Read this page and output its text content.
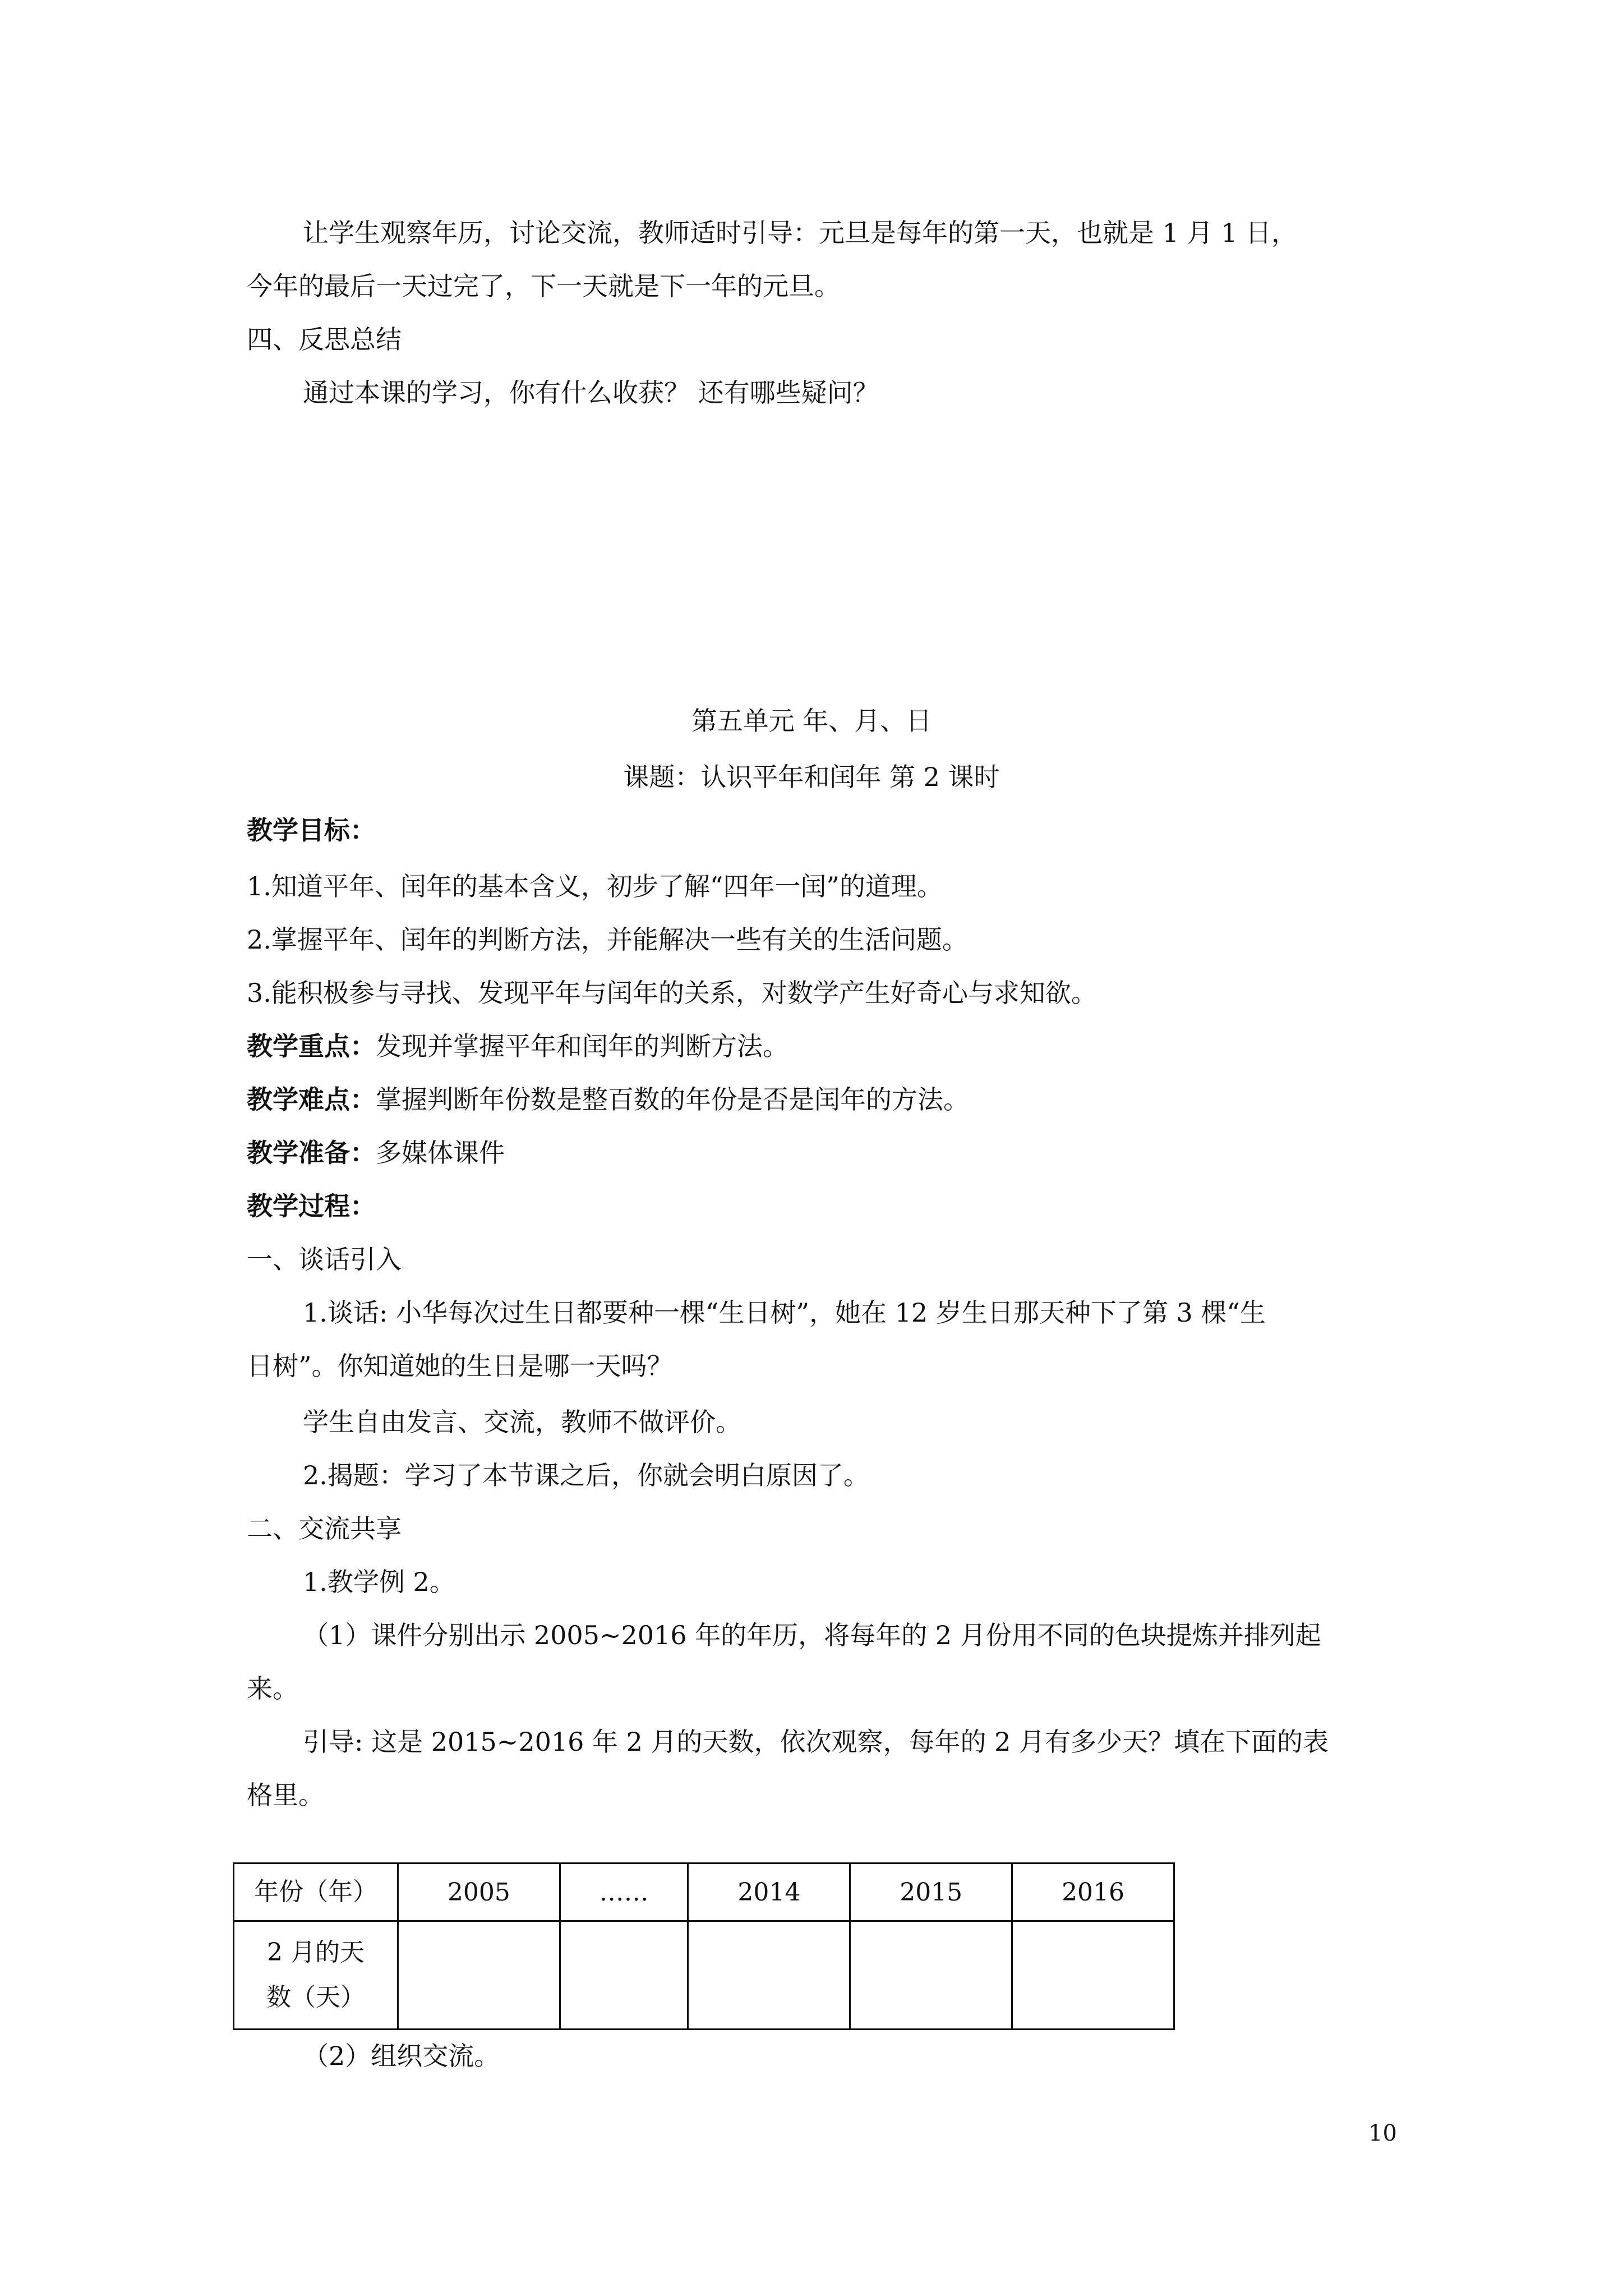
让学生观察年历，讨论交流，教师适时引导：元旦是每年的第一天，也就是 1 月 1 日，
今年的最后一天过完了，下一天就是下一年的元旦。
四、反思总结
通过本课的学习，你有什么收获？ 还有哪些疑问？
第五单元 年、月、日
课题：认识平年和闰年 第 2 课时
教学目标：
1.知道平年、闰年的基本含义，初步了解“四年一闰”的道理。
2.掌握平年、闰年的判断方法，并能解决一些有关的生活问题。
3.能积极参与寻找、发现平年与闰年的关系，对数学产生好奇心与求知欲。
教学重点：发现并掌握平年和闰年的判断方法。
教学难点：掌握判断年份数是整百数的年份是否是闰年的方法。
教学准备：多媒体课件
教学过程：
一、谈话引入
1.谈话: 小华每次过生日都要种一棵“生日树”，她在 12 岁生日那天种下了第 3 棵“生
日树”。你知道她的生日是哪一天吗？
学生自由发言、交流，教师不做评价。
2.揭题：学习了本节课之后，你就会明白原因了。
二、交流共享
1.教学例 2。
（1）课件分别出示 2005~2016 年的年历，将每年的 2 月份用不同的色块提炼并排列起
来。
引导: 这是 2015~2016 年 2 月的天数，依次观察，每年的 2 月有多少天？填在下面的表
格里。
年份（年）	2005	……	2014	2015	2016

2 月的天
数（天）					

（2）组织交流。
10
